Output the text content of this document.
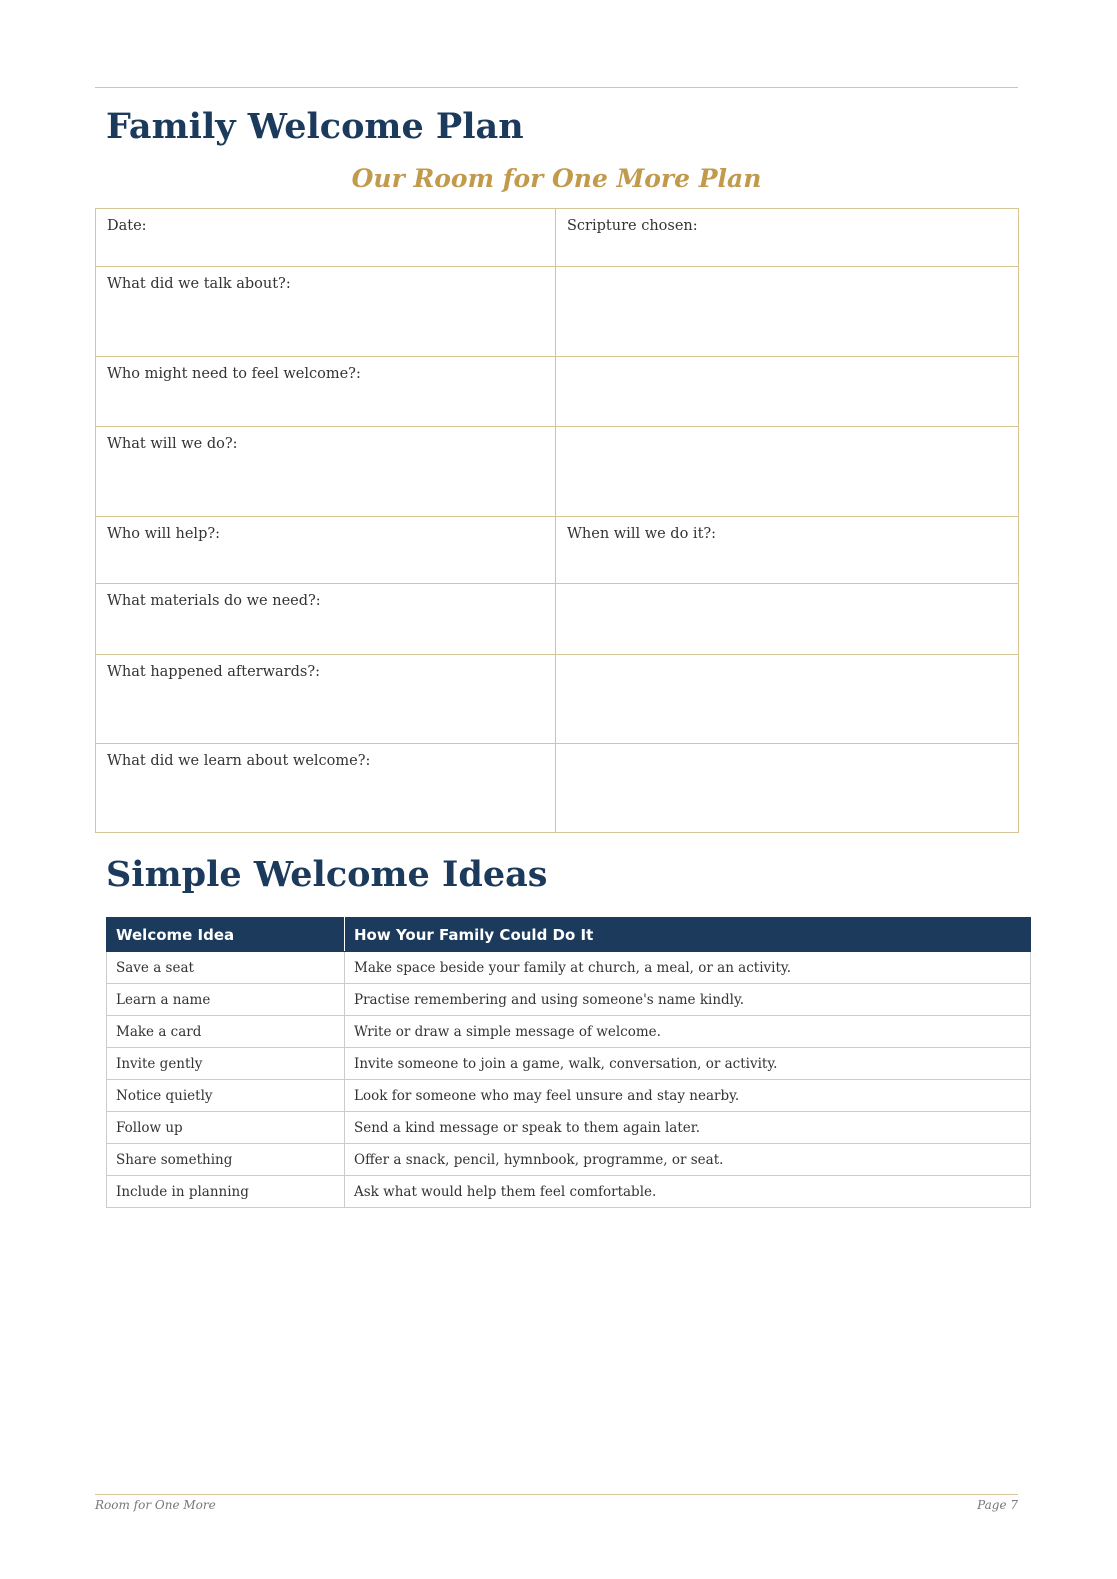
Family Welcome Plan
Our Room for One More Plan
Date:	Scripture chosen:
What did we talk about?:	
Who might need to feel welcome?:	
What will we do?:	
Who will help?:	When will we do it?:
What materials do we need?:	
What happened afterwards?:	
What did we learn about welcome?:	
Simple Welcome Ideas
Welcome Idea	How Your Family Could Do It
Save a seat	Make space beside your family at church, a meal, or an activity.
Learn a name	Practise remembering and using someone's name kindly.
Make a card	Write or draw a simple message of welcome.
Invite gently	Invite someone to join a game, walk, conversation, or activity.
Notice quietly	Look for someone who may feel unsure and stay nearby.
Follow up	Send a kind message or speak to them again later.
Share something	Offer a snack, pencil, hymnbook, programme, or seat.
Include in planning	Ask what would help them feel comfortable.
Room for One More	Page 7
